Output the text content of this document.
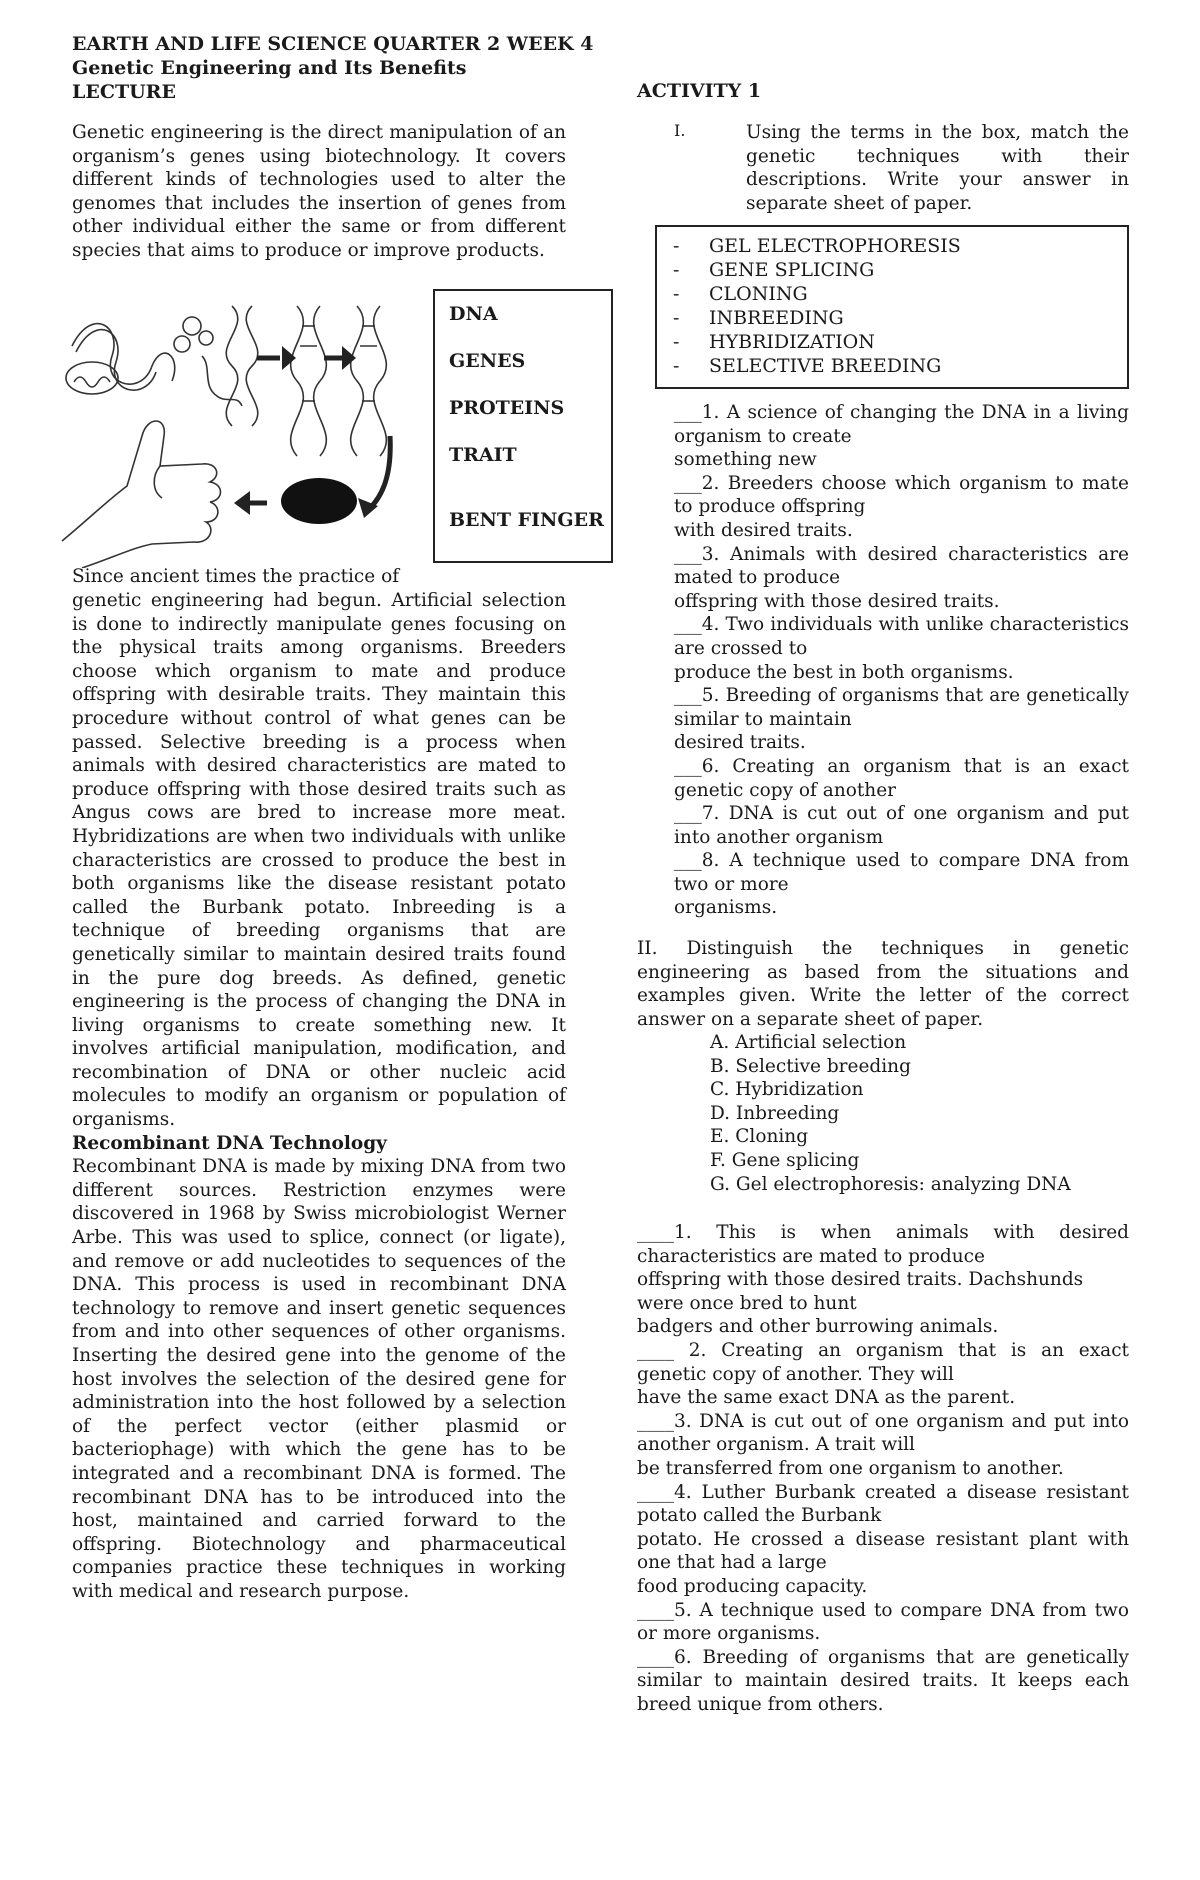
EARTH AND LIFE SCIENCE QUARTER 2 WEEK 4
Genetic Engineering and Its Benefits
LECTURE

Genetic engineering is the direct manipulation of an organism’s genes using biotechnology. It covers different kinds of technologies used to alter the genomes that includes the insertion of genes from other individual either the same or from different species that aims to produce or improve products.

DNA
GENES
PROTEINS
TRAIT
BENT FINGER
Since ancient times the practice of

genetic engineering had begun. Artificial selection is done to indirectly manipulate genes focusing on the physical traits among organisms. Breeders choose which organism to mate and produce offspring with desirable traits. They maintain this procedure without control of what genes can be passed. Selective breeding is a process when animals with desired characteristics are mated to produce offspring with those desired traits such as Angus cows are bred to increase more meat. Hybridizations are when two individuals with unlike characteristics are crossed to produce the best in both organisms like the disease resistant potato called the Burbank potato. Inbreeding is a technique of breeding organisms that are genetically similar to maintain desired traits found in the pure dog breeds. As defined, genetic engineering is the process of changing the DNA in living organisms to create something new. It involves artificial manipulation, modification, and recombination of DNA or other nucleic acid molecules to modify an organism or population of organisms.

Recombinant DNA Technology

Recombinant DNA is made by mixing DNA from two different sources. Restriction enzymes were discovered in 1968 by Swiss microbiologist Werner Arbe. This was used to splice, connect (or ligate), and remove or add nucleotides to sequences of the DNA. This process is used in recombinant DNA technology to remove and insert genetic sequences from and into other sequences of other organisms. Inserting the desired gene into the genome of the host involves the selection of the desired gene for administration into the host followed by a selection of the perfect vector (either plasmid or bacteriophage) with which the gene has to be integrated and a recombinant DNA is formed. The recombinant DNA has to be introduced into the host, maintained and carried forward to the offspring. Biotechnology and pharmaceutical companies practice these techniques in working with medical and research purpose.

ACTIVITY 1
I.	Using the terms in the box, match the genetic techniques with their descriptions. Write your answer in separate sheet of paper.

- GEL ELECTROPHORESIS
- GENE SPLICING
- CLONING
- INBREEDING
- HYBRIDIZATION
- SELECTIVE BREEDING

___1. A science of changing the DNA in a living organism to create

something new

___2. Breeders choose which organism to mate to produce offspring

with desired traits.

___3. Animals with desired characteristics are mated to produce

offspring with those desired traits.

___4. Two individuals with unlike characteristics are crossed to

produce the best in both organisms.

___5. Breeding of organisms that are genetically similar to maintain

desired traits.

___6. Creating an organism that is an exact genetic copy of another

___7. DNA is cut out of one organism and put into another organism

___8. A technique used to compare DNA from two or more

organisms.

II. Distinguish the techniques in genetic engineering as based from the situations and examples given. Write the letter of the correct answer on a separate sheet of paper.

A. Artificial selection
B. Selective breeding
C. Hybridization
D. Inbreeding
E. Cloning
F. Gene splicing
G. Gel electrophoresis: analyzing DNA

____1. This is when animals with desired characteristics are mated to produce

offspring with those desired traits. Dachshunds were once bred to hunt

badgers and other burrowing animals.

____ 2. Creating an organism that is an exact genetic copy of another. They will

have the same exact DNA as the parent.

____3. DNA is cut out of one organism and put into another organism. A trait will

be transferred from one organism to another.

____4. Luther Burbank created a disease resistant potato called the Burbank

potato. He crossed a disease resistant plant with one that had a large

food producing capacity.

____5. A technique used to compare DNA from two or more organisms.

____6. Breeding of organisms that are genetically similar to maintain desired traits. It keeps each breed unique from others.
